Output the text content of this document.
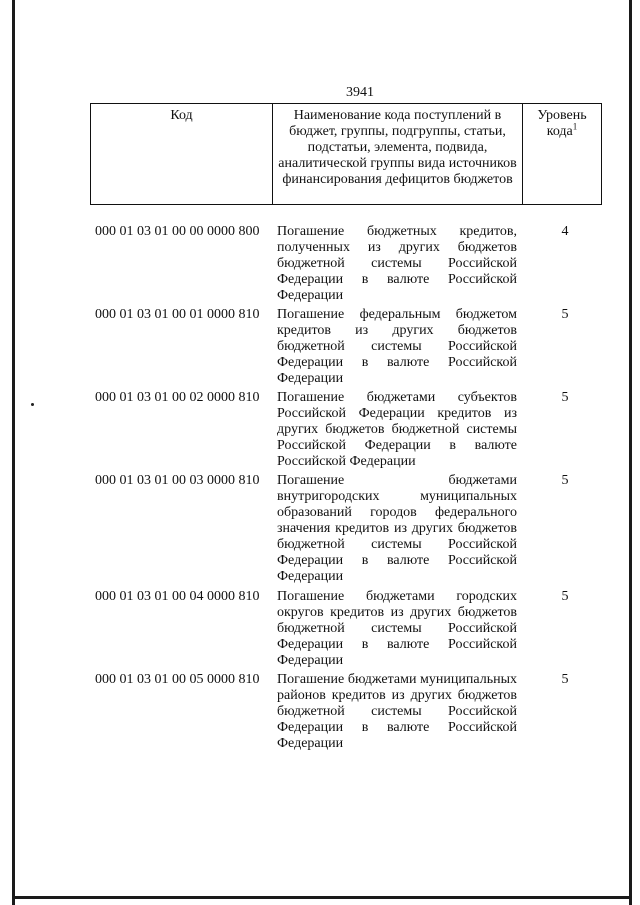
3941
Код	Наименование кода поступлений в бюджет, группы, подгруппы, статьи, подстатьи, элемента, подвида, аналитической группы вида источников финансирования дефицитов бюджетов
Уровень кода$^1$
000 01 03 01 00 00 0000 800 Погашение бюджетных кредитов, полученных из других бюджетов бюджетной системы Российской Федерации в валюте Российской Федерации
4
000 01 03 01 00 01 0000 810 Погашение федеральным бюджетом кредитов из других бюджетов бюджетной системы Российской Федерации в валюте Российской Федерации
5
000 01 03 01 00 02 0000 810 Погашение бюджетами субъектов Российской Федерации кредитов из других бюджетов бюджетной системы Российской Федерации в валюте Российской Федерации
5
000 01 03 01 00 03 0000 810 Погашение бюджетами внутригородских муниципальных образований городов федерального значения кредитов из других бюджетов бюджетной системы Российской Федерации в валюте Российской Федерации
5
000 01 03 01 00 04 0000 810 Погашение бюджетами городских округов кредитов из других бюджетов бюджетной системы Российской Федерации в валюте Российской Федерации
5
000 01 03 01 00 05 0000 810 Погашение бюджетами муниципальных районов кредитов из других бюджетов бюджетной системы Российской Федерации в валюте Российской Федерации
5
